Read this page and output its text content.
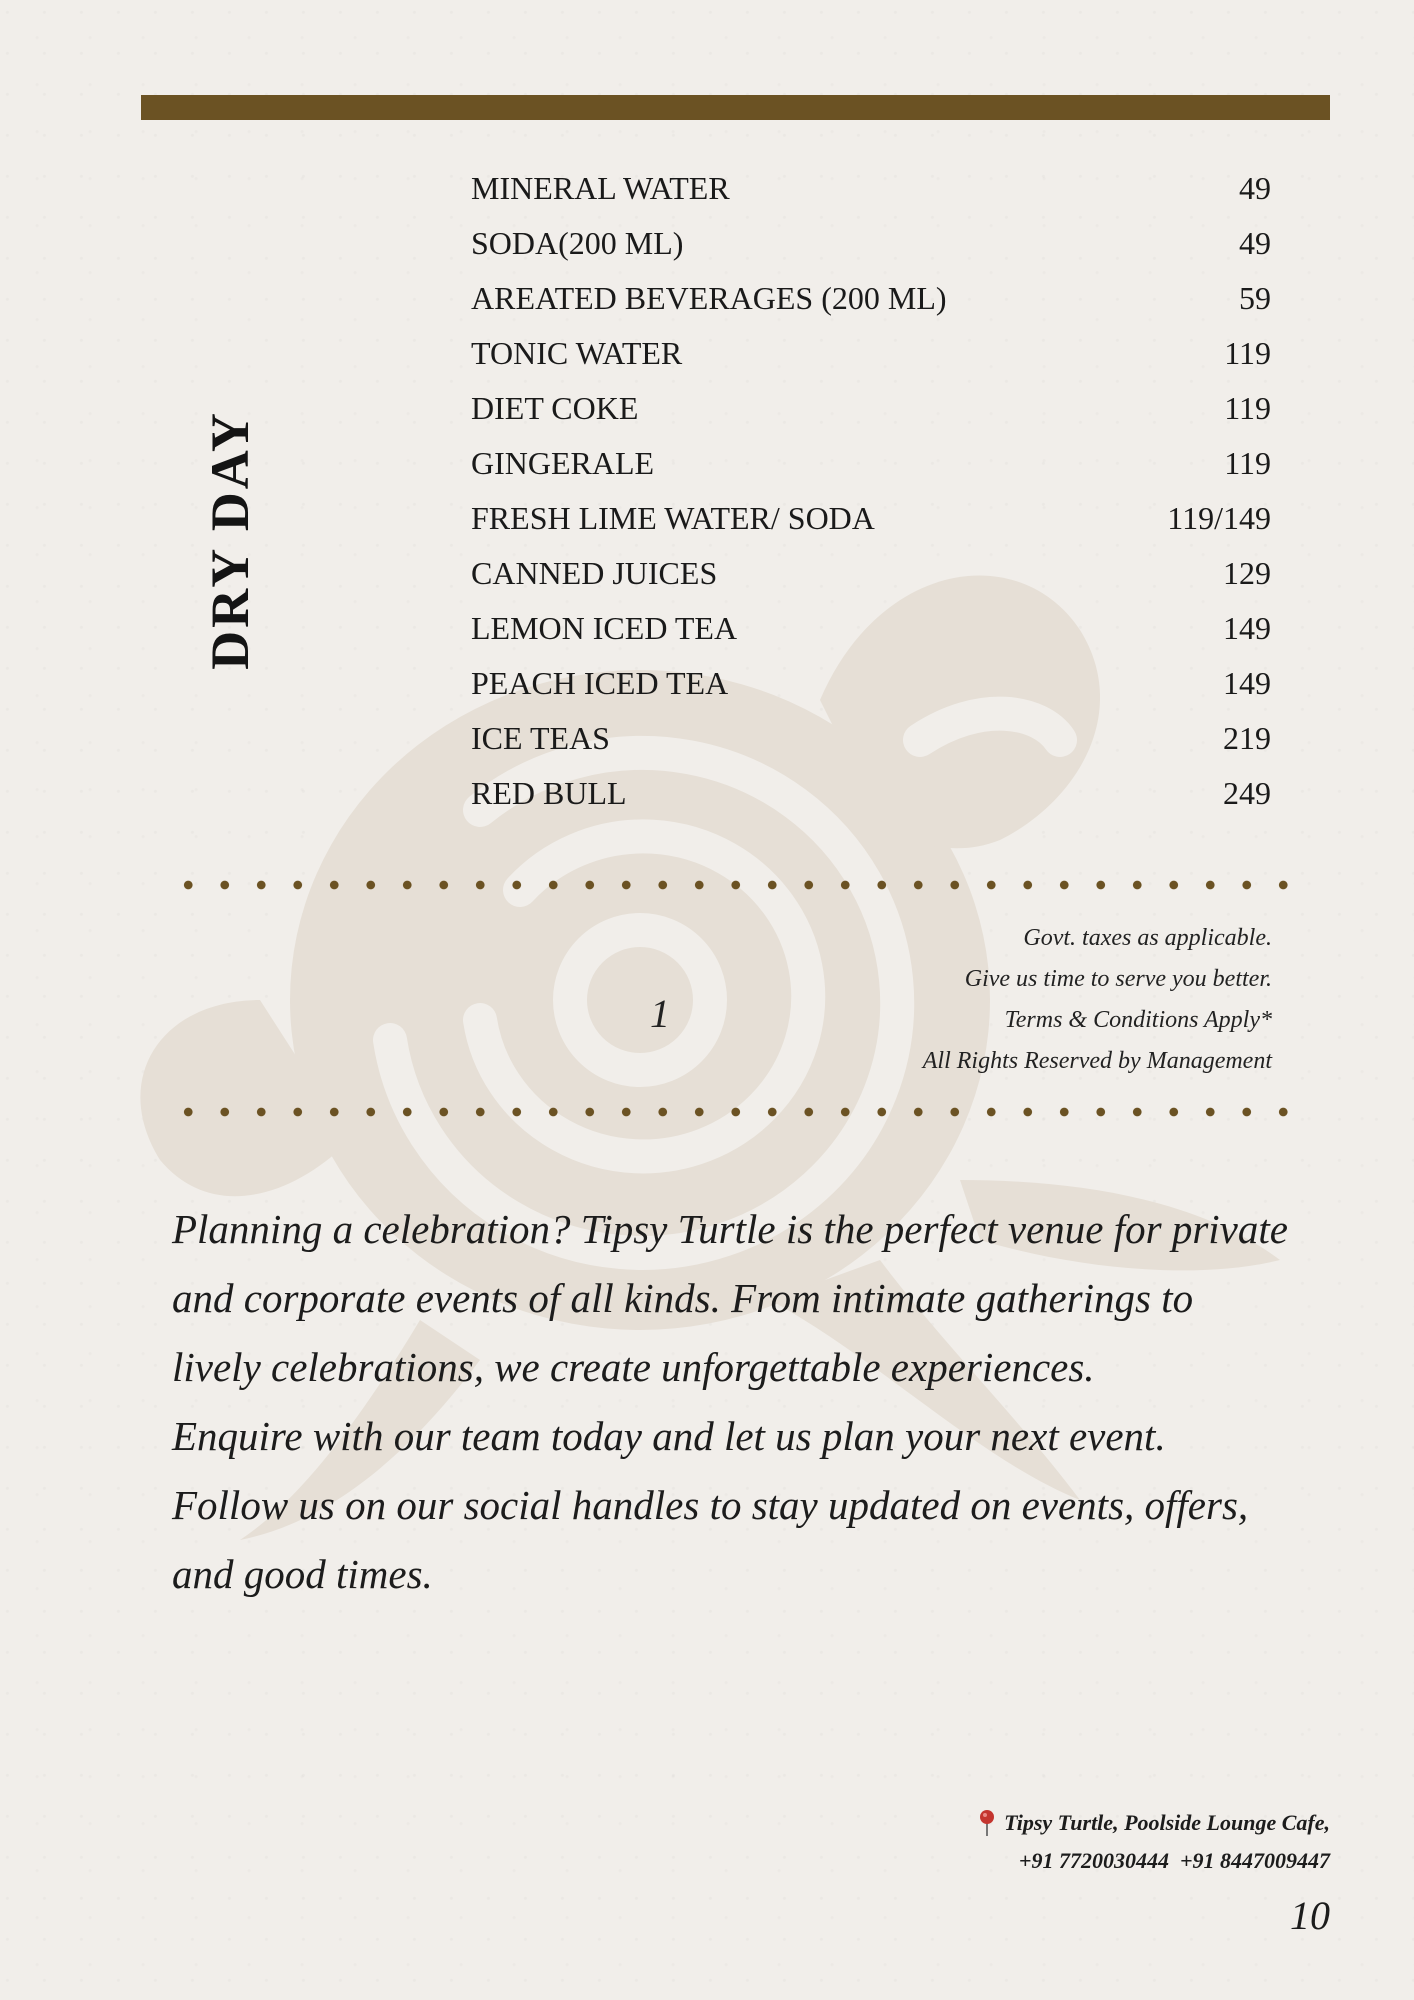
DRY DAY
MINERAL WATER	49
SODA(200 ML)	49
AREATED BEVERAGES (200 ML)	59
TONIC WATER	119
DIET COKE	119
GINGERALE	119
FRESH LIME WATER/ SODA	119/149
CANNED JUICES	129
LEMON ICED TEA	149
PEACH ICED TEA	149
ICE TEAS	219
RED BULL	249
1
Govt. taxes as applicable.
Give us time to serve you better.
Terms & Conditions Apply*
All Rights Reserved by Management

Planning a celebration? Tipsy Turtle is the perfect venue for private and corporate events of all kinds. From intimate gatherings to lively celebrations, we create unforgettable experiences.

Enquire with our team today and let us plan your next event.

Follow us on our social handles to stay updated on events, offers, and good times.

Tipsy Turtle, Poolside Lounge Cafe,
+91 7720030444  +91 8447009447
10
